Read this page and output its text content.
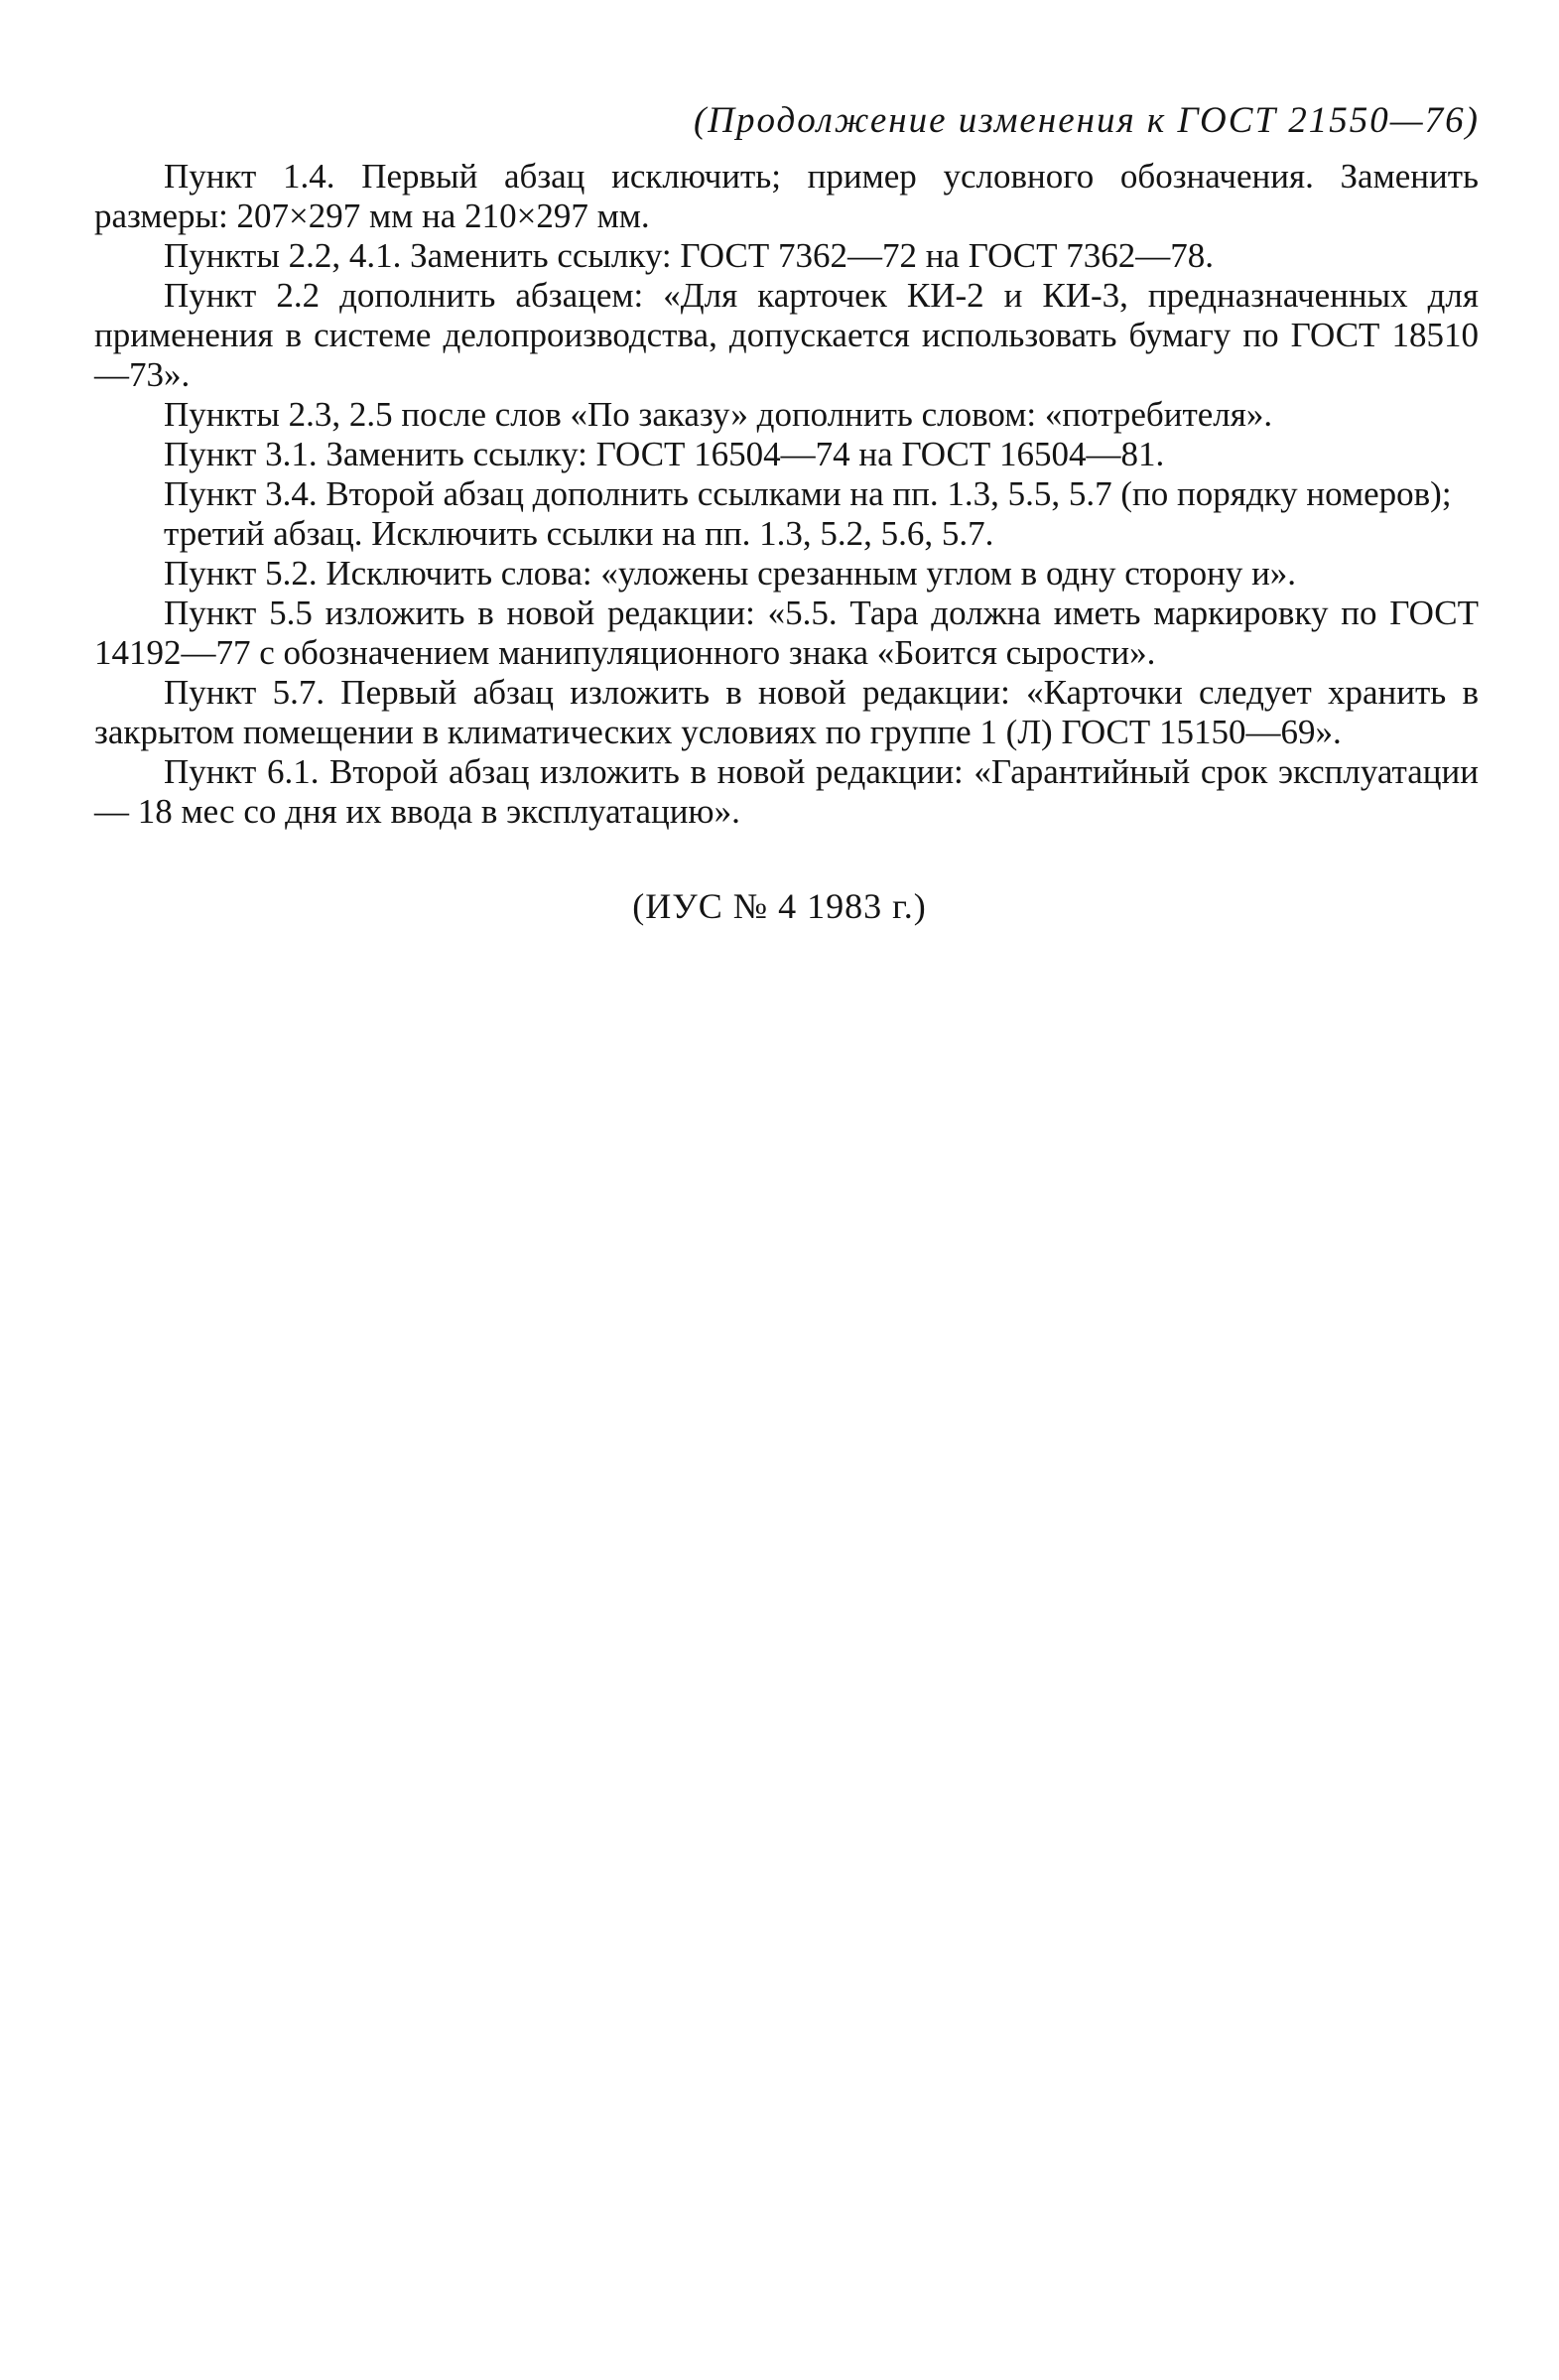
(Продолжение изменения к ГОСТ 21550—76)

Пункт 1.4. Первый абзац исключить; пример условного обозначения. Заменить размеры: 207×297 мм на 210×297 мм.

Пункты 2.2, 4.1. Заменить ссылку: ГОСТ 7362—72 на ГОСТ 7362—78.

Пункт 2.2 дополнить абзацем: «Для карточек КИ-2 и КИ-3, предназначенных для применения в системе делопроизводства, допускается использовать бумагу по ГОСТ 18510—73».

Пункты 2.3, 2.5 после слов «По заказу» дополнить словом: «потребителя».

Пункт 3.1. Заменить ссылку: ГОСТ 16504—74 на ГОСТ 16504—81.

Пункт 3.4. Второй абзац дополнить ссылками на пп. 1.3, 5.5, 5.7 (по порядку номеров);

третий абзац. Исключить ссылки на пп. 1.3, 5.2, 5.6, 5.7.

Пункт 5.2. Исключить слова: «уложены срезанным углом в одну сторону и».

Пункт 5.5 изложить в новой редакции: «5.5. Тара должна иметь маркировку по ГОСТ 14192—77 с обозначением манипуляционного знака «Боится сырости».

Пункт 5.7. Первый абзац изложить в новой редакции: «Карточки следует хранить в закрытом помещении в климатических условиях по группе 1 (Л) ГОСТ 15150—69».

Пункт 6.1. Второй абзац изложить в новой редакции: «Гарантийный срок эксплуатации — 18 мес со дня их ввода в эксплуатацию».

(ИУС № 4 1983 г.)
